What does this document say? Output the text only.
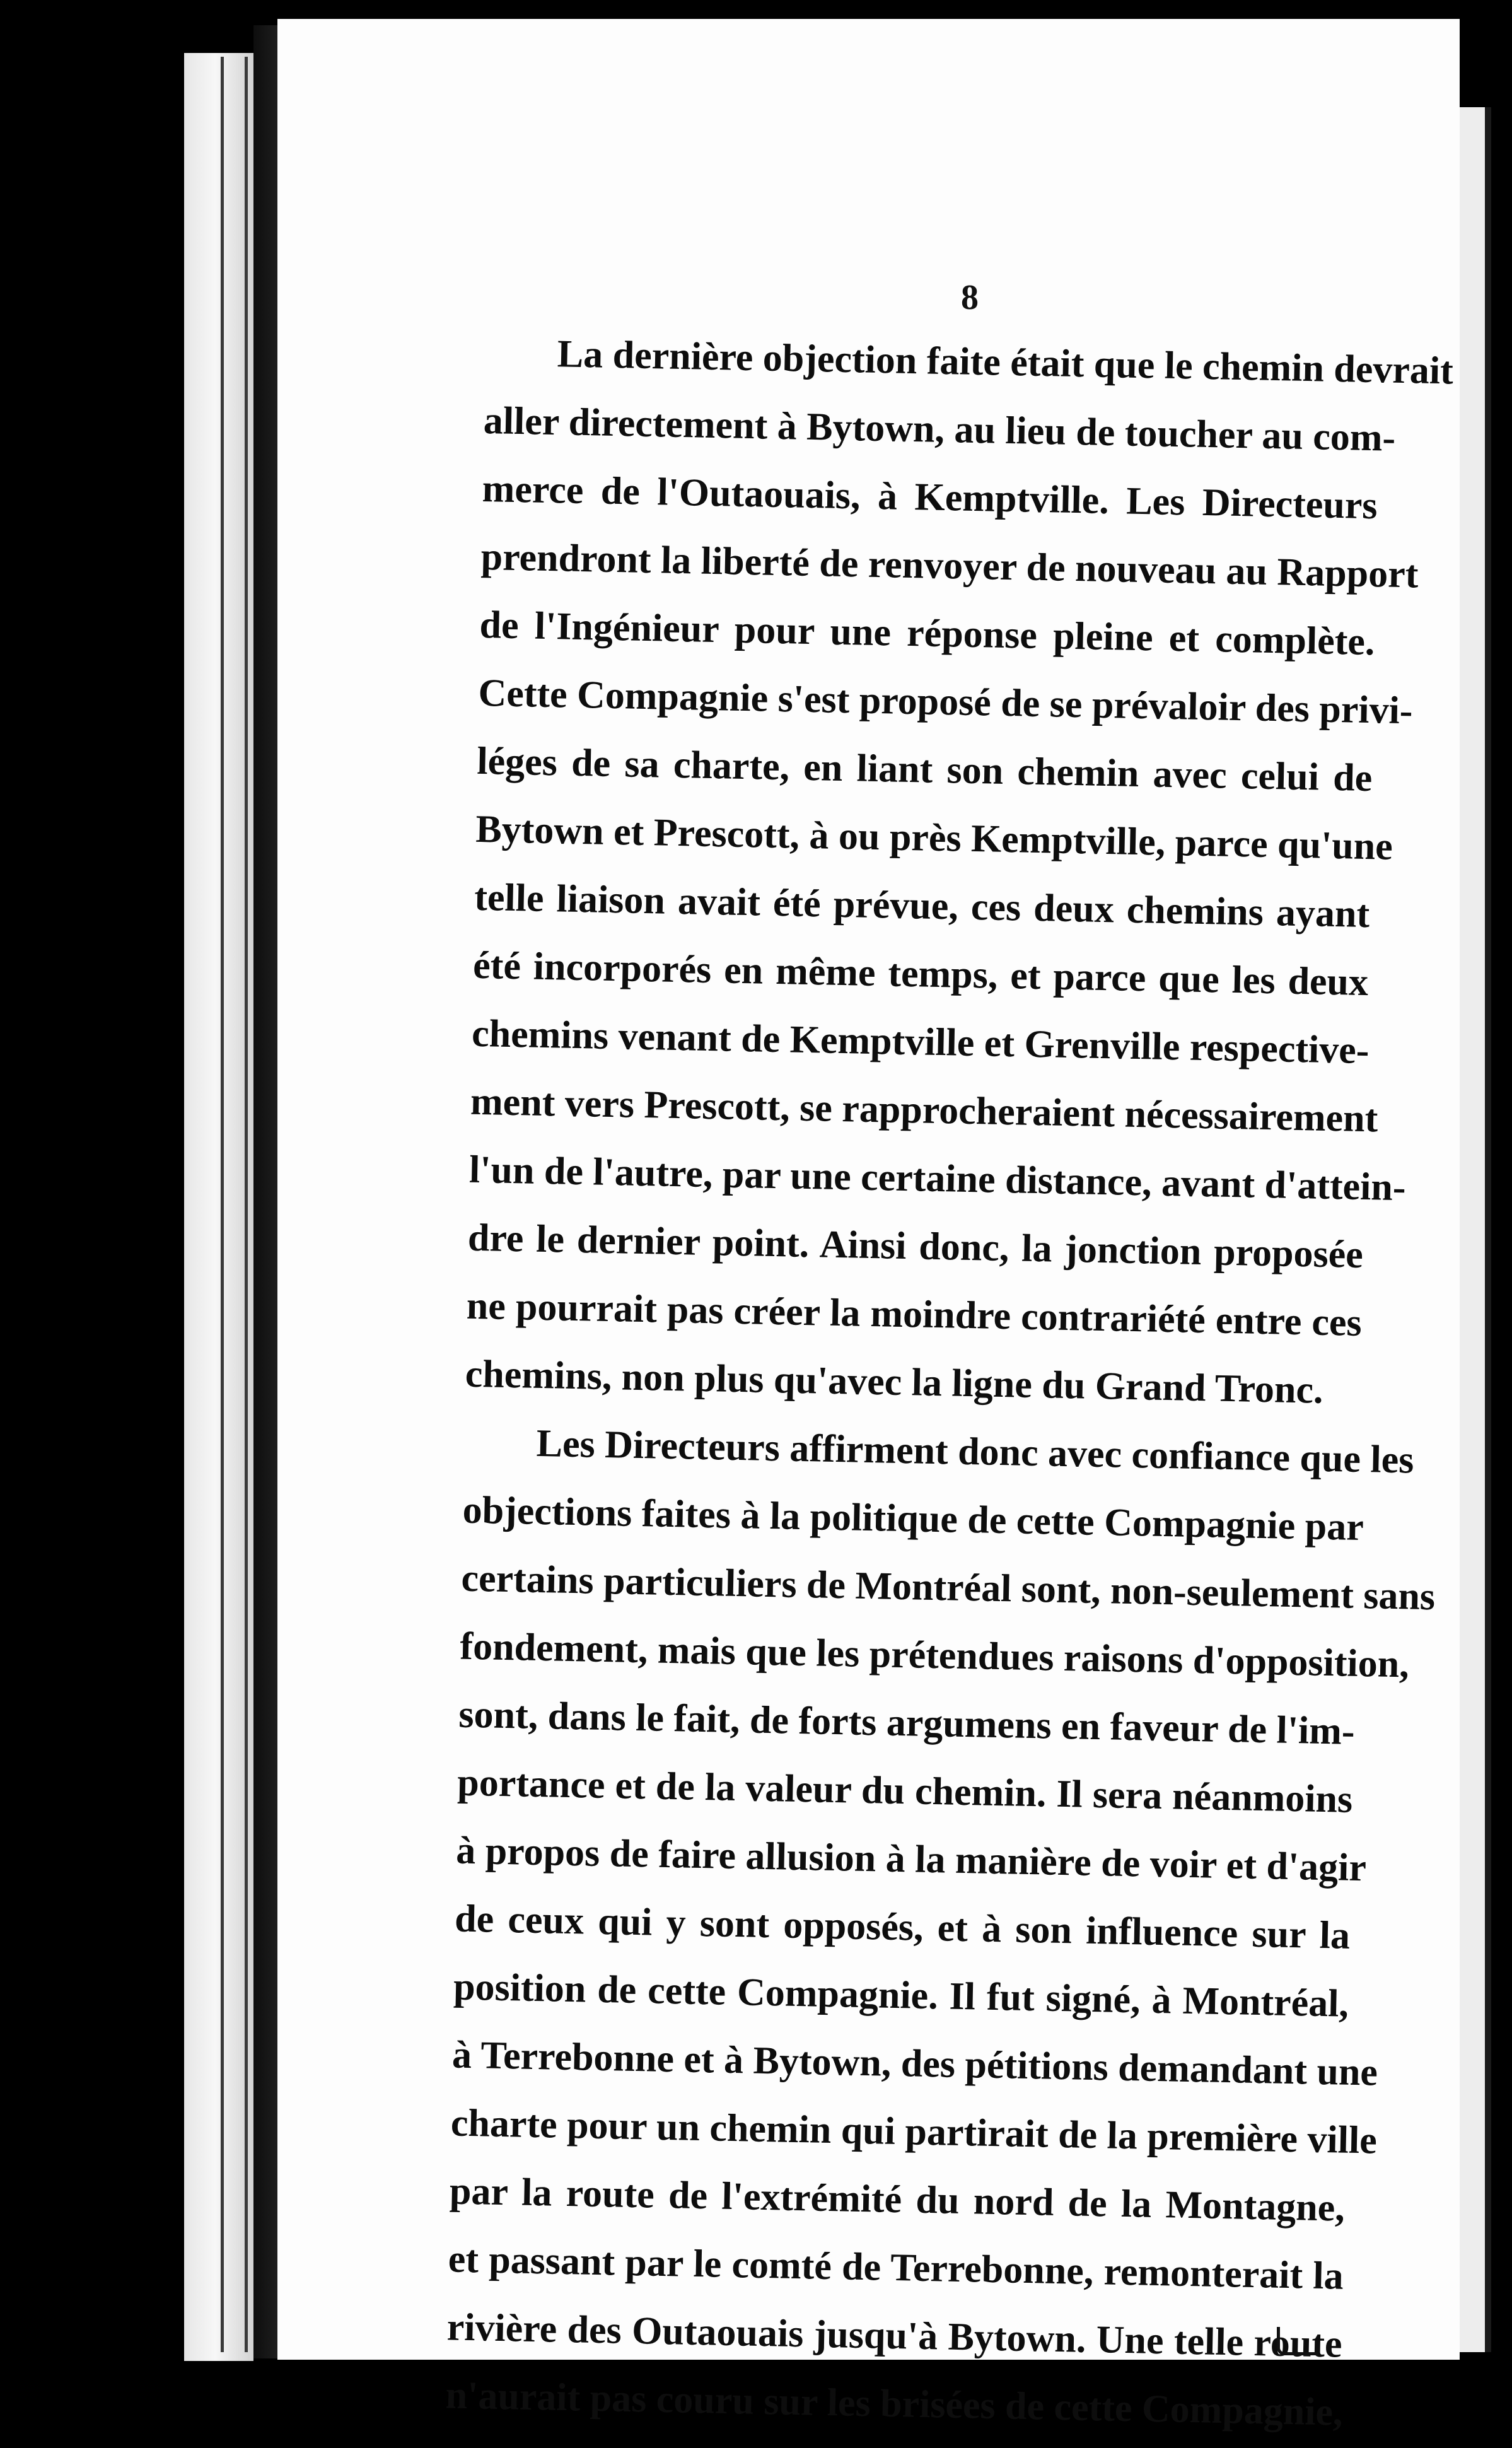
8

La dernière objection faite était que le chemin devrait
aller directement à Bytown, au lieu de toucher au com-
merce de l'Outaouais, à Kemptville. Les Directeurs
prendront la liberté de renvoyer de nouveau au Rapport
de l'Ingénieur pour une réponse pleine et complète.
Cette Compagnie s'est proposé de se prévaloir des privi-
léges de sa charte, en liant son chemin avec celui de
Bytown et Prescott, à ou près Kemptville, parce qu'une
telle liaison avait été prévue, ces deux chemins ayant
été incorporés en même temps, et parce que les deux
chemins venant de Kemptville et Grenville respective-
ment vers Prescott, se rapprocheraient nécessairement
l'un de l'autre, par une certaine distance, avant d'attein-
dre le dernier point. Ainsi donc, la jonction proposée
ne pourrait pas créer la moindre contrariété entre ces
chemins, non plus qu'avec la ligne du Grand Tronc.

Les Directeurs affirment donc avec confiance que les
objections faites à la politique de cette Compagnie par
certains particuliers de Montréal sont, non-seulement sans
fondement, mais que les prétendues raisons d'opposition,
sont, dans le fait, de forts argumens en faveur de l'im-
portance et de la valeur du chemin. Il sera néanmoins
à propos de faire allusion à la manière de voir et d'agir
de ceux qui y sont opposés, et à son influence sur la
position de cette Compagnie. Il fut signé, à Montréal,
à Terrebonne et à Bytown, des pétitions demandant une
charte pour un chemin qui partirait de la première ville
par la route de l'extrémité du nord de la Montagne,
et passant par le comté de Terrebonne, remonterait la
rivière des Outaouais jusqu'à Bytown. Une telle route
n'aurait pas couru sur les brisées de cette Compagnie,
